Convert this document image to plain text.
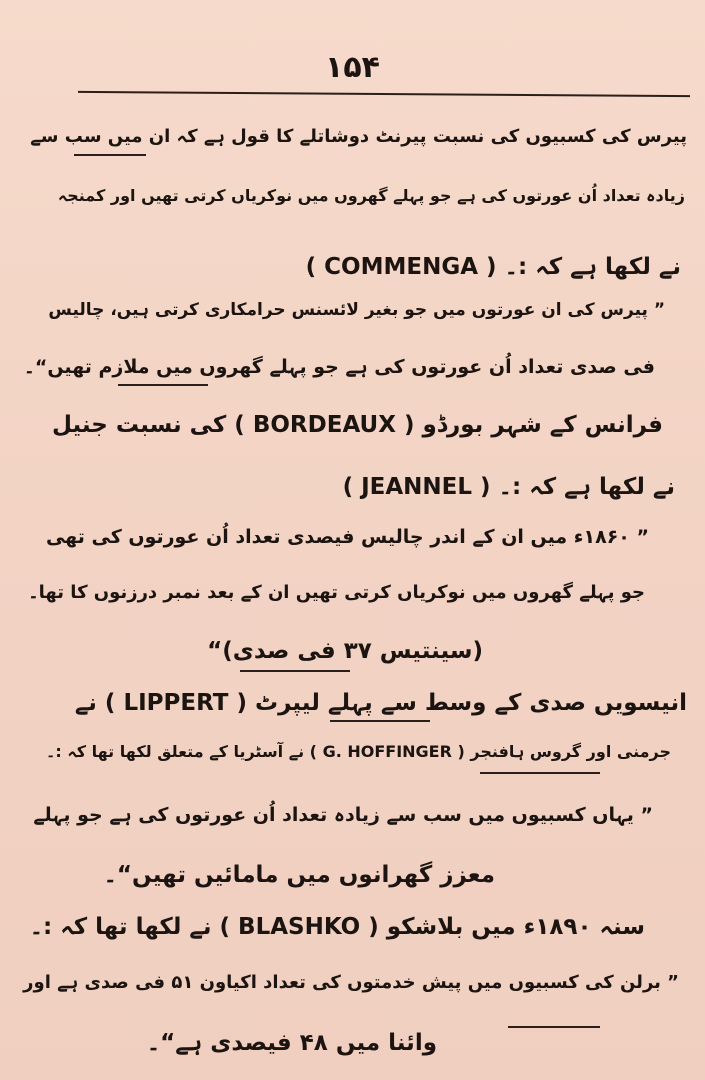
۱۵۴
پیرس کی کسبیوں کی نسبت پیرنٹ دوشاتلے کا قول ہے کہ ان میں سب سے
زیادہ تعداد اُن عورتوں کی ہے جو پہلے گھروں میں نوکریاں کرتی تھیں اور کمنجہ
( COMMENGA ) نے لکھا ہے کہ :۔
” پیرس کی ان عورتوں میں جو بغیر لائسنس حرامکاری کرتی ہیں، چالیس
فی صدی تعداد اُن عورتوں کی ہے جو پہلے گھروں میں ملازم تھیں“۔
فرانس کے شہر بورڈو ( BORDEAUX ) کی نسبت جنیل
( JEANNEL ) نے لکھا ہے کہ :۔
” ۱۸۶۰ء میں ان کے اندر چالیس فیصدی تعداد اُن عورتوں کی تھی
جو پہلے گھروں میں نوکریاں کرتی تھیں ان کے بعد نمبر درزنوں کا تھا۔
(سینتیس ۳۷ فی صدی)“
انیسویں صدی کے وسط سے پہلے لیپرٹ ( LIPPERT ) نے
جرمنی اور گروس ہافنجر ( G. HOFFINGER ) نے آسٹریا کے متعلق لکھا تھا کہ :۔
” یہاں کسبیوں میں سب سے زیادہ تعداد اُن عورتوں کی ہے جو پہلے
معزز گھرانوں میں مامائیں تھیں“۔
سنہ ۱۸۹۰ء میں بلاشکو ( BLASHKO ) نے لکھا تھا کہ :۔
” برلن کی کسبیوں میں پیش خدمتوں کی تعداد اکیاون ۵۱ فی صدی ہے اور
وائنا میں ۴۸ فیصدی ہے“۔
